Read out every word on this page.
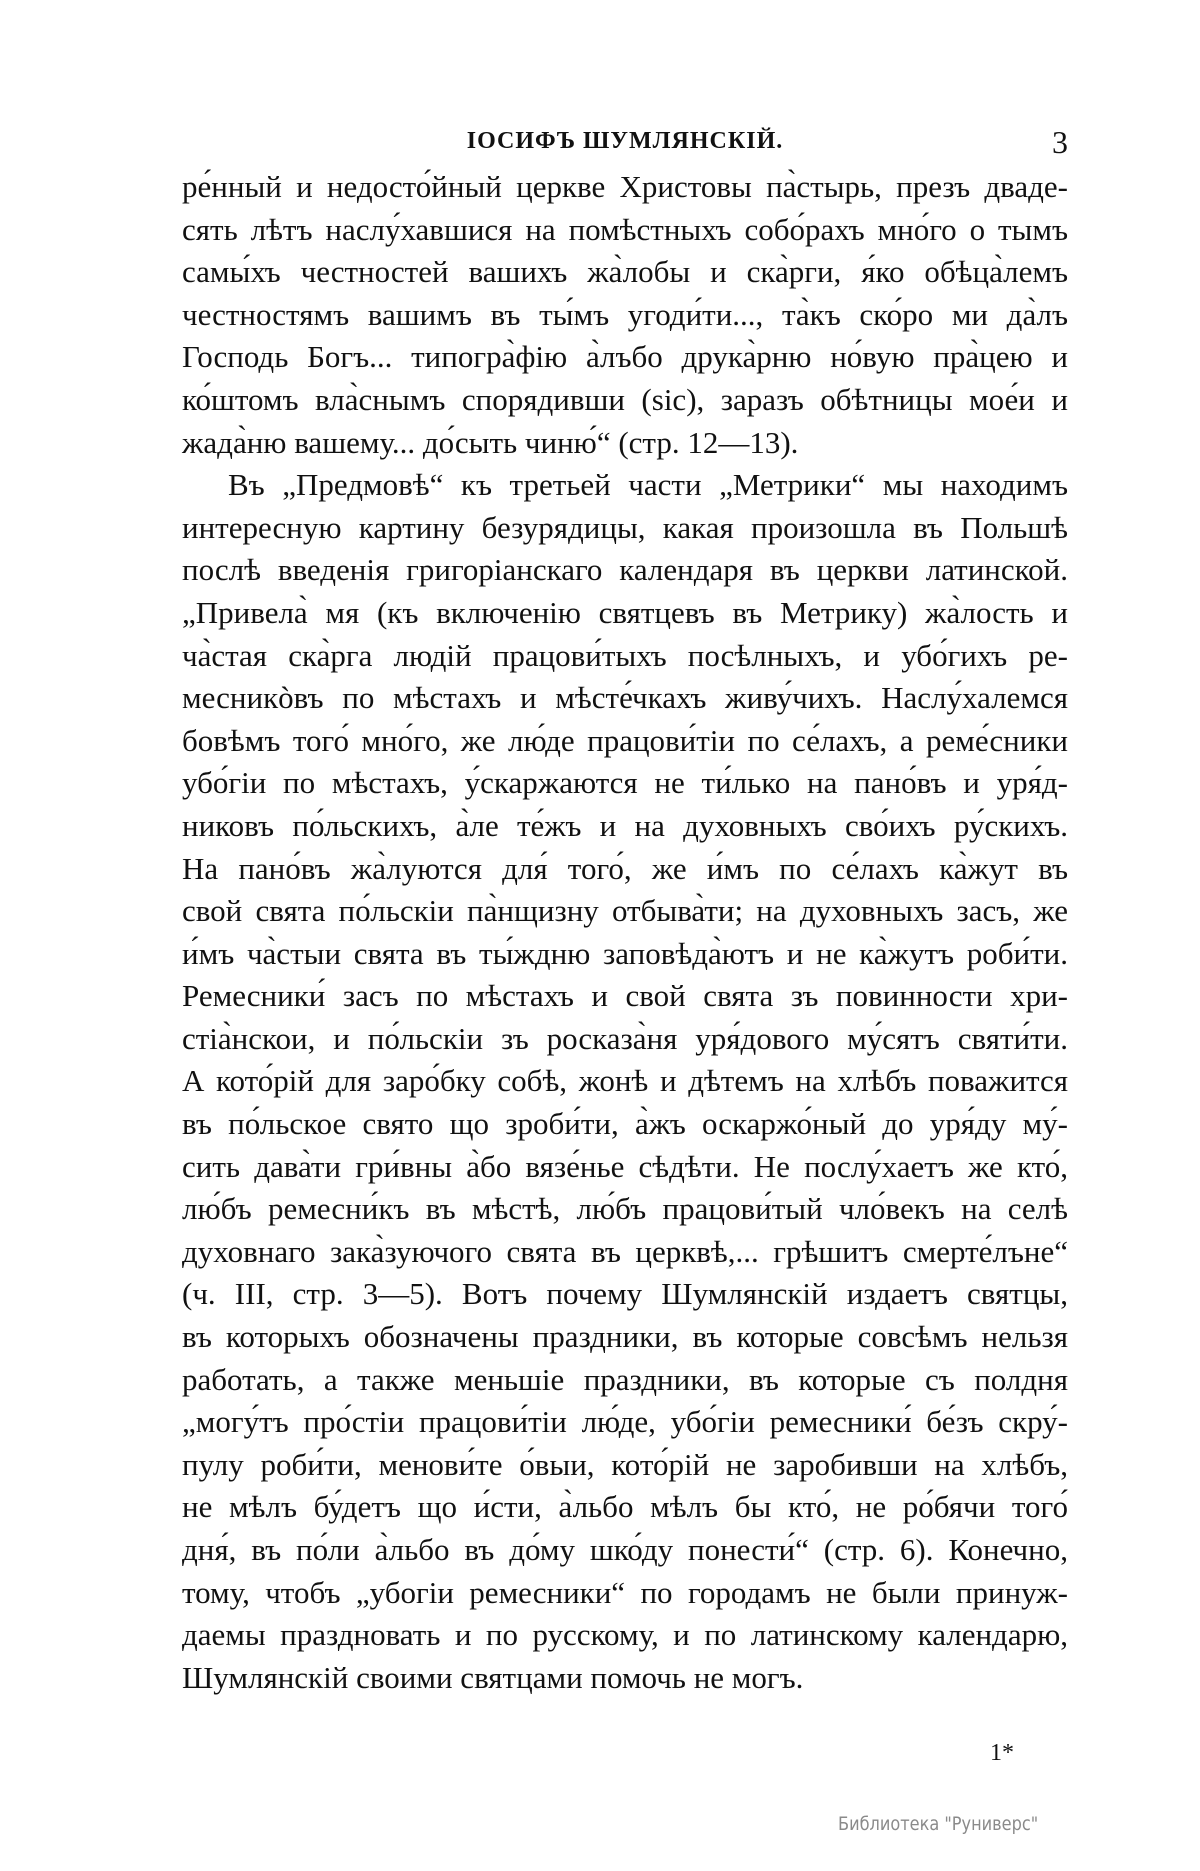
ІОСИФЪ ШУМЛЯНСКІЙ.	3
ре́нный и недосто́йный церкве Христовы па̀стырь, презъ двадe-
сять лѣтъ наслу́хавшися на помѣстныхъ собо́рахъ мно́го о тымъ
самы́хъ честностей вашихъ жа̀лобы и ска̀рги, я́ко обѣца̀лемъ
честностямъ вашимъ въ ты́мъ угоди́ти..., та̀къ ско́ро ми да̀лъ
Господь Богъ... типогра̀фію а̀лъбо друка̀рню но́вую пра̀цею и
ко́штомъ вла̀снымъ спорядивши (sic), заразъ обѣтницы мое́и и
жада̀ню вашему... до́сыть чиню́“ (стр. 12—13).
Въ „Предмовѣ“ къ третьей части „Метрики“ мы находимъ
интересную картину безурядицы, какая произошла въ Польшѣ
послѣ введенія григоріанскаго календаря въ церкви латинской.
„Привела̀ мя (къ включенію святцевъ въ Метрику) жа̀лость и
ча̀стая ска̀рга людій працови́тыхъ посѣлныхъ, и убо́гихъ ре-
месникòвъ по мѣстахъ и мѣсте́чкахъ живу́чихъ. Наслу́халемся
бовѣмъ того́ мно́го, же лю́де працови́тіи по се́лахъ, а реме́сники
убо́гіи по мѣстахъ, у́скаржаются не ти́лько на пано́въ и уря́д-
никовъ по́льскихъ, а̀ле те́жъ и на духовныхъ сво́ихъ ру́скихъ.
На пано́въ жа̀луются для́ того́, же и́мъ по се́лахъ ка̀жут въ
свой свята по́льскіи па̀нщизну отбыва̀ти; на духовныхъ засъ, же
и́мъ ча̀стыи свята въ ты́ждню заповѣда̀ютъ и не ка̀жутъ роби́ти.
Ремесники́ засъ по мѣстахъ и свой свята зъ повинности хри-
стіа̀нскои, и по́льскіи зъ росказа̀ня уря́дового му́сятъ святи́ти.
А кото́рій для заро́бку собѣ, жонѣ и дѣтемъ на хлѣбъ поважится
въ по́льское свято що зроби́ти, а̀жъ оскаржо́ный до уря́ду му́-
сить дава̀ти гри́вны а̀бо вязе́нье сѣдѣти. Не послу́хаетъ же кто́,
лю́бъ ремесни́къ въ мѣстѣ, лю́бъ працови́тый чло́векъ на селѣ
духовнаго зака̀зуючого свята въ церквѣ,... грѣшитъ смерте́лъне“
(ч. III, стр. 3—5). Вотъ почему Шумлянскій издаетъ святцы,
въ которыхъ обозначены праздники, въ которые совсѣмъ нельзя
работать, а также меньшіе праздники, въ которые съ полдня
„могу́тъ про́стіи працови́тіи лю́де, убо́гіи ремесники́ бе́зъ скру́-
пулу роби́ти, менови́те о́выи, кото́рій не заробивши на хлѣбъ,
не мѣлъ бу́детъ що и́сти, а̀льбо мѣлъ бы кто́, не ро́бячи того́
дня́, въ по́ли а̀льбо въ до́му шко́ду понести́“ (стр. 6). Конечно,
тому, чтобъ „убогіи ремесники“ по городамъ не были принуж-
даемы праздновать и по русскому, и по латинскому календарю,
Шумлянскій своими святцами помочь не могъ.
1*
Библиотека "Руниверс"
